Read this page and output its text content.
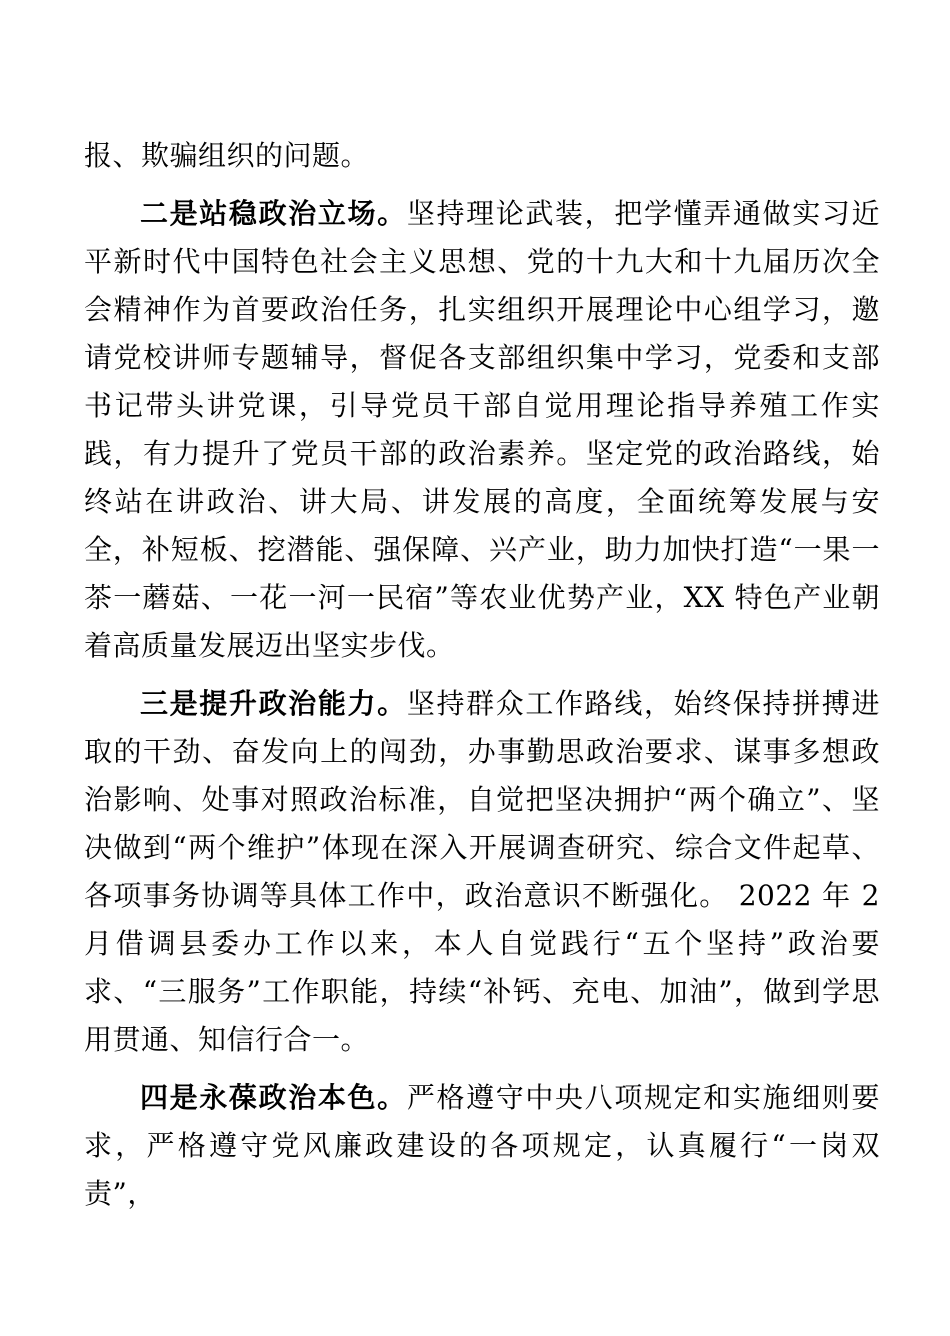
报、欺骗组织的问题。

二是站稳政治立场。坚持理论武装，把学懂弄通做实习近平新时代中国特色社会主义思想、党的十九大和十九届历次全会精神作为首要政治任务，扎实组织开展理论中心组学习，邀请党校讲师专题辅导，督促各支部组织集中学习，党委和支部书记带头讲党课，引导党员干部自觉用理论指导养殖工作实践，有力提升了党员干部的政治素养。坚定党的政治路线，始终站在讲政治、讲大局、讲发展的高度，全面统筹发展与安全，补短板、挖潜能、强保障、兴产业，助力加快打造“一果一茶一蘑菇、一花一河一民宿”等农业优势产业，XX 特色产业朝着高质量发展迈出坚实步伐。

三是提升政治能力。坚持群众工作路线，始终保持拼搏进取的干劲、奋发向上的闯劲，办事勤思政治要求、谋事多想政治影响、处事对照政治标准，自觉把坚决拥护“两个确立”、坚决做到“两个维护”体现在深入开展调查研究、综合文件起草、各项事务协调等具体工作中，政治意识不断强化。 2022 年 2 月借调县委办工作以来，本人自觉践行“五个坚持”政治要求、“三服务”工作职能，持续“补钙、充电、加油”，做到学思用贯通、知信行合一。

四是永葆政治本色。严格遵守中央八项规定和实施细则要求，严格遵守党风廉政建设的各项规定，认真履行“一岗双责”，
